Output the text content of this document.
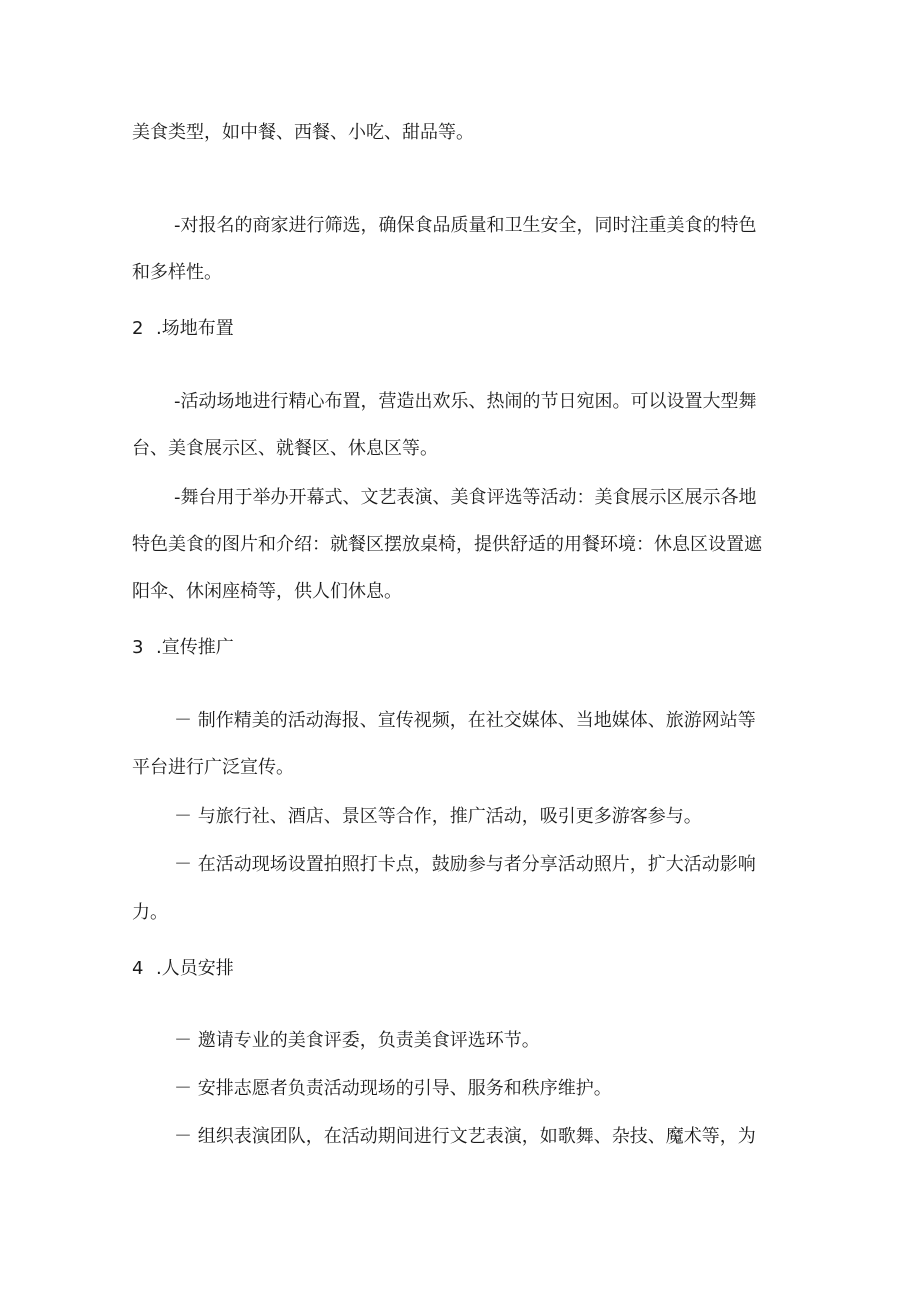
美食类型，如中餐、西餐、小吃、甜品等。
-对报名的商家进行筛选，确保食品质量和卫生安全，同时注重美食的特色
和多样性。
2 .场地布置
-活动场地进行精心布置，营造出欢乐、热闹的节日宛困。可以设置大型舞
台、美食展示区、就餐区、休息区等。
-舞台用于举办开幕式、文艺表演、美食评选等活动：美食展示区展示各地
特色美食的图片和介绍：就餐区摆放桌椅，提供舒适的用餐环境：休息区设置遮
阳伞、休闲座椅等，供人们休息。
3 .宣传推广
－ 制作精美的活动海报、宣传视频，在社交媒体、当地媒体、旅游网站等
平台进行广泛宣传。
－ 与旅行社、酒店、景区等合作，推广活动，吸引更多游客参与。
－ 在活动现场设置拍照打卡点，鼓励参与者分享活动照片，扩大活动影响
力。
4 .人员安排
－ 邀请专业的美食评委，负责美食评选环节。
－ 安排志愿者负责活动现场的引导、服务和秩序维护。
－ 组织表演团队，在活动期间进行文艺表演，如歌舞、杂技、魔术等，为
